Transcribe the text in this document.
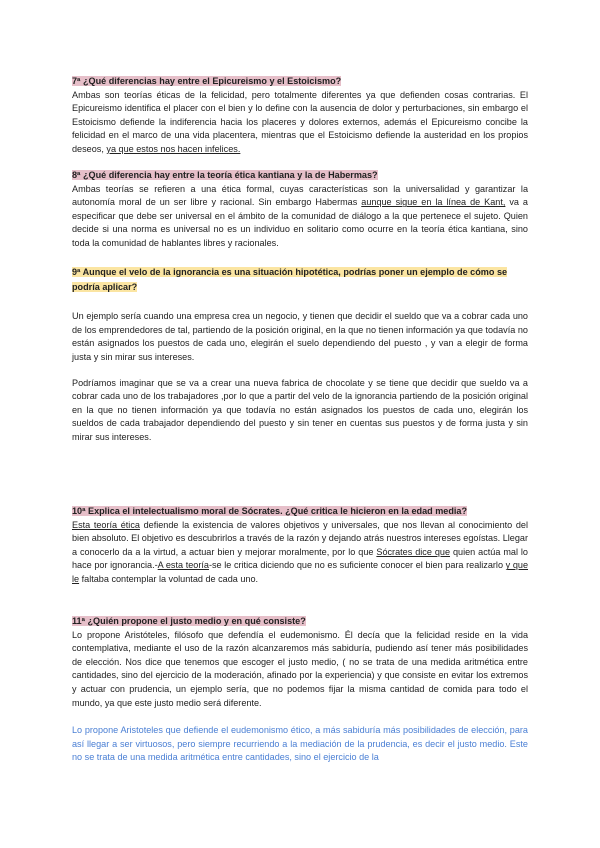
7ª ¿Qué diferencias hay entre el Epicureismo y el Estoicismo?

Ambas son teorías éticas de la felicidad, pero totalmente diferentes ya que defienden cosas contrarias. El Epicureismo identifica el placer con el bien y lo define con la ausencia de dolor y perturbaciones, sin embargo el Estoicismo defiende la indiferencia hacia los placeres y dolores externos, además el Epicureismo concibe la felicidad en el marco de una vida placentera, mientras que el Estoicismo defiende la austeridad en los propios deseos, ya que estos nos hacen infelices.

8ª ¿Qué diferencia hay entre la teoría ética kantiana y la de Habermas?

Ambas teorías se refieren a una ética formal, cuyas características son la universalidad y garantizar la autonomía moral de un ser libre y racional. Sin embargo Habermas aunque sigue en la línea de Kant, va a especificar que debe ser universal en el ámbito de la comunidad de diálogo a la que pertenece el sujeto. Quien decide si una norma es universal no es un individuo en solitario como ocurre en la teoría ética kantiana, sino toda la comunidad de hablantes libres y racionales.

9ª Aunque el velo de la ignorancia es una situación hipotética, podrías poner un ejemplo de cómo se podría aplicar?

Un ejemplo sería cuando una empresa crea un negocio, y tienen que decidir el sueldo que va a cobrar cada uno de los emprendedores de tal, partiendo de la posición original, en la que no tienen información ya que todavía no están asignados los puestos de cada uno, elegirán el suelo dependiendo del puesto , y van a elegir de forma justa y sin mirar sus intereses.

Podríamos imaginar que se va a crear una nueva fabrica de chocolate y se tiene que decidir que sueldo va a cobrar cada uno de los trabajadores ,por lo que a partir del velo de la ignorancia partiendo de la posición original en la que no tienen información ya que todavía no están asignados los puestos de cada uno, elegirán los sueldos de cada trabajador dependiendo del puesto y sin tener en cuentas sus puestos y de forma justa y sin mirar sus intereses.

10ª Explica el intelectualismo moral de Sócrates. ¿Qué critica le hicieron en la edad media?

Esta teoría ética defiende la existencia de valores objetivos y universales, que nos llevan al conocimiento del bien absoluto. El objetivo es descubrirlos a través de la razón y dejando atrás nuestros intereses egoístas. Llegar a conocerlo da a la virtud, a actuar bien y mejorar moralmente, por lo que Sócrates dice que quien actúa mal lo hace por ignorancia.-A esta teoría-se le critica diciendo que no es suficiente conocer el bien para realizarlo y que le faltaba contemplar la voluntad de cada uno.

11ª ¿Quién propone el justo medio y en qué consiste?

Lo propone Aristóteles, filósofo que defendía el eudemonismo. Él decía que la felicidad reside en la vida contemplativa, mediante el uso de la razón alcanzaremos más sabiduría, pudiendo así tener más posibilidades de elección. Nos dice que tenemos que escoger el justo medio, ( no se trata de una medida aritmética entre cantidades, sino del ejercicio de la moderación, afinado por la experiencia) y que consiste en evitar los extremos y actuar con prudencia, un ejemplo sería, que no podemos fijar la misma cantidad de comida para todo el mundo, ya que este justo medio será diferente.

Lo propone Aristoteles que defiende el eudemonismo ético, a más sabiduría más posibilidades de elección, para así llegar a ser virtuosos, pero siempre recurriendo a la mediación de la prudencia, es decir el justo medio. Este no se trata de una medida aritmética entre cantidades, sino el ejercicio de la
